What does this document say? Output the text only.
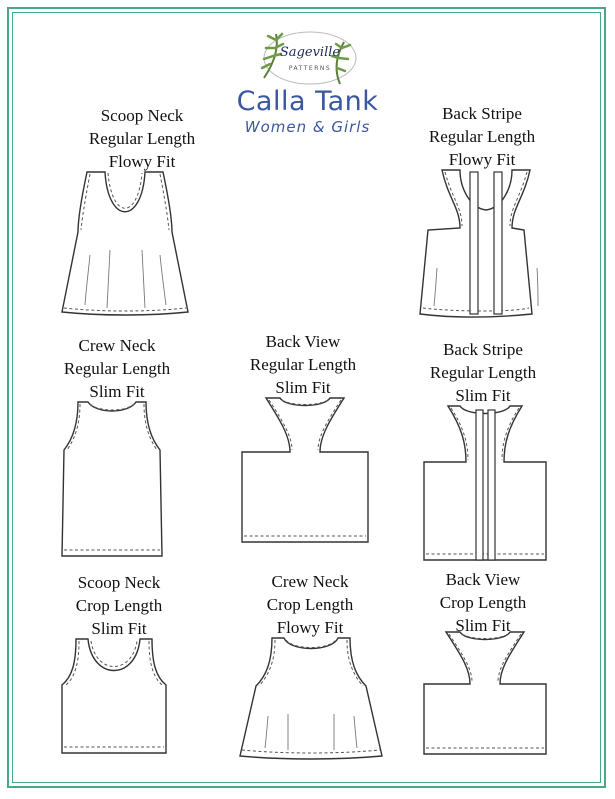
Sageville
PATTERNS
Calla Tank
Women & Girls
Scoop Neck
Regular Length
Flowy Fit
Back Stripe
Regular Length
Flowy Fit
Crew Neck
Regular Length
Slim Fit
Back View
Regular Length
Slim Fit
Back Stripe
Regular Length
Slim Fit
Scoop Neck
Crop Length
Slim Fit
Crew Neck
Crop Length
Flowy Fit
Back View
Crop Length
Slim Fit
